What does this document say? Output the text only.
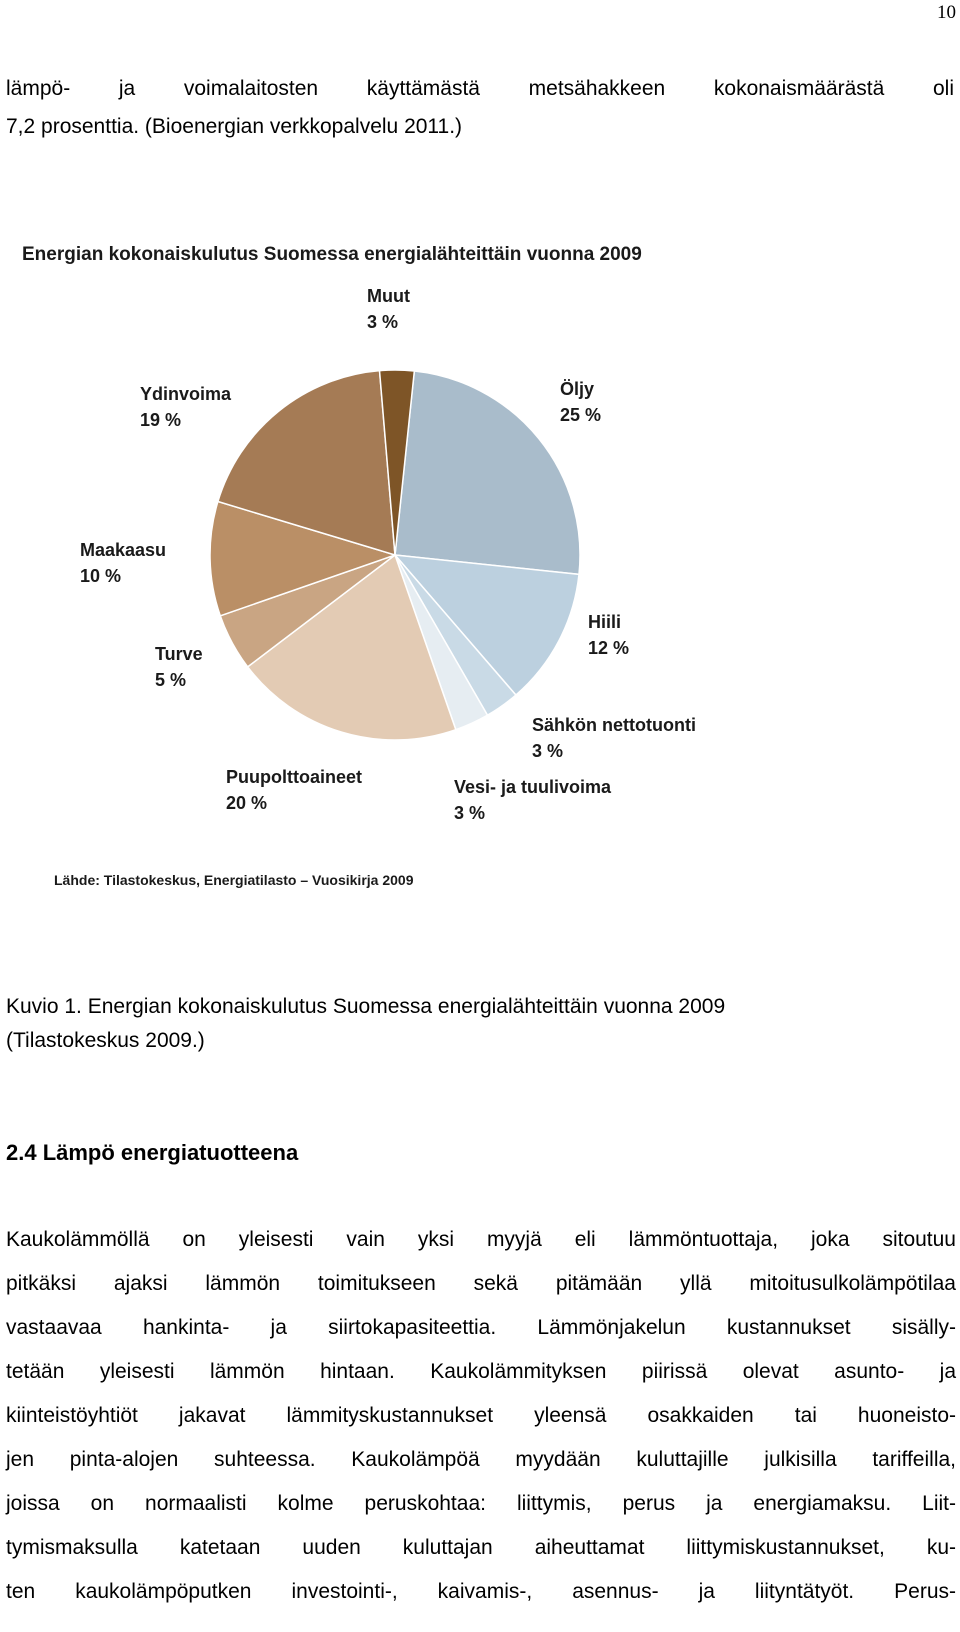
10
lämpö- ja voimalaitosten käyttämästä metsähakkeen kokonaismäärästä oli
7,2 prosenttia. (Bioenergian verkkopalvelu 2011.)
Energian kokonaiskulutus Suomessa energialähteittäin vuonna 2009
Öljy
25 %
Hiili
12 %
Sähkön nettotuonti
3 %
Vesi- ja tuulivoima
3 %
Puupolttoaineet
20 %
Turve
5 %
Maakaasu
10 %
Ydinvoima
19 %
Muut
3 %
Lähde: Tilastokeskus, Energiatilasto – Vuosikirja 2009
Kuvio 1. Energian kokonaiskulutus Suomessa energialähteittäin vuonna 2009
(Tilastokeskus 2009.)
2.4 Lämpö energiatuotteena
Kaukolämmöllä on yleisesti vain yksi myyjä eli lämmöntuottaja, joka sitoutuu
pitkäksi ajaksi lämmön toimitukseen sekä pitämään yllä mitoitusulkolämpötilaa
vastaavaa hankinta- ja siirtokapasiteettia. Lämmönjakelun kustannukset sisälly-
tetään yleisesti lämmön hintaan. Kaukolämmityksen piirissä olevat asunto- ja
kiinteistöyhtiöt jakavat lämmityskustannukset yleensä osakkaiden tai huoneisto-
jen pinta-alojen suhteessa. Kaukolämpöä myydään kuluttajille julkisilla tariffeilla,
joissa on normaalisti kolme peruskohtaa: liittymis, perus ja energiamaksu. Liit-
tymismaksulla katetaan uuden kuluttajan aiheuttamat liittymiskustannukset, ku-
ten kaukolämpöputken investointi-, kaivamis-, asennus- ja liityntätyöt. Perus-
